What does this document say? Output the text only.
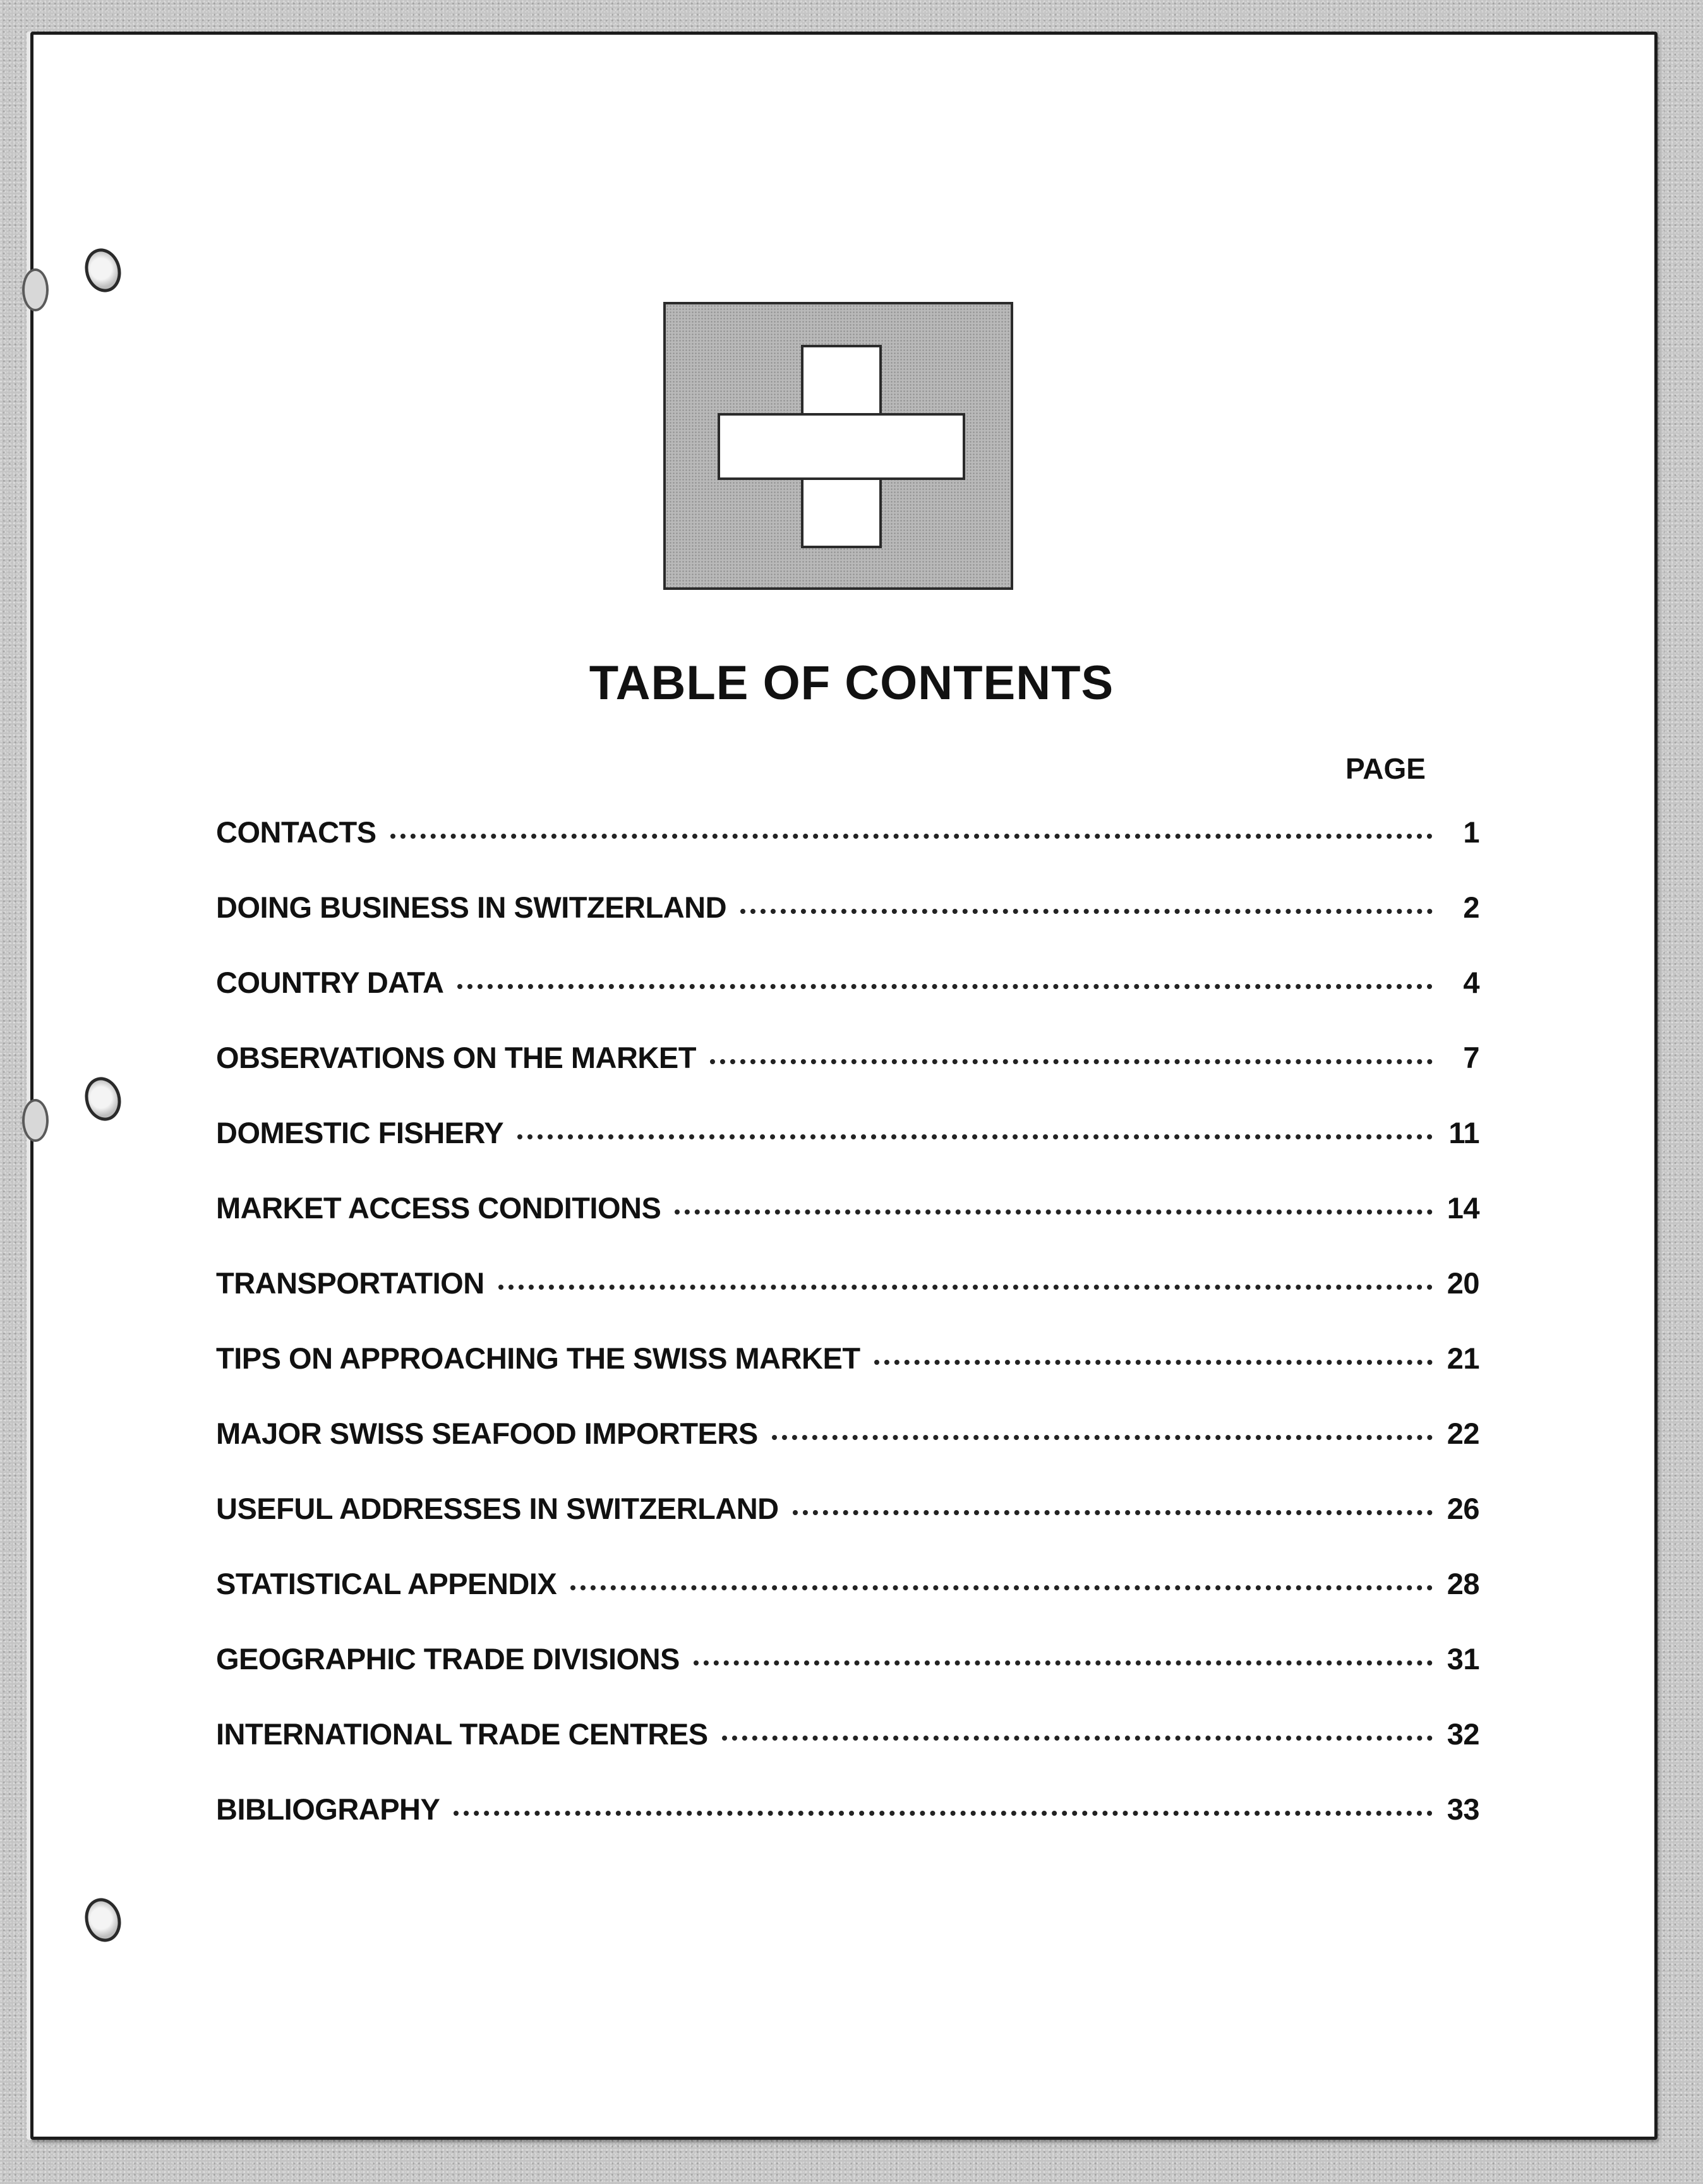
TABLE OF CONTENTS
PAGE
CONTACTS	1
DOING BUSINESS IN SWITZERLAND	2
COUNTRY DATA	4
OBSERVATIONS ON THE MARKET	7
DOMESTIC FISHERY	11
MARKET ACCESS CONDITIONS	14
TRANSPORTATION	20
TIPS ON APPROACHING THE SWISS MARKET	21
MAJOR SWISS SEAFOOD IMPORTERS	22
USEFUL ADDRESSES IN SWITZERLAND	26
STATISTICAL APPENDIX	28
GEOGRAPHIC TRADE DIVISIONS	31
INTERNATIONAL TRADE CENTRES	32
BIBLIOGRAPHY	33
